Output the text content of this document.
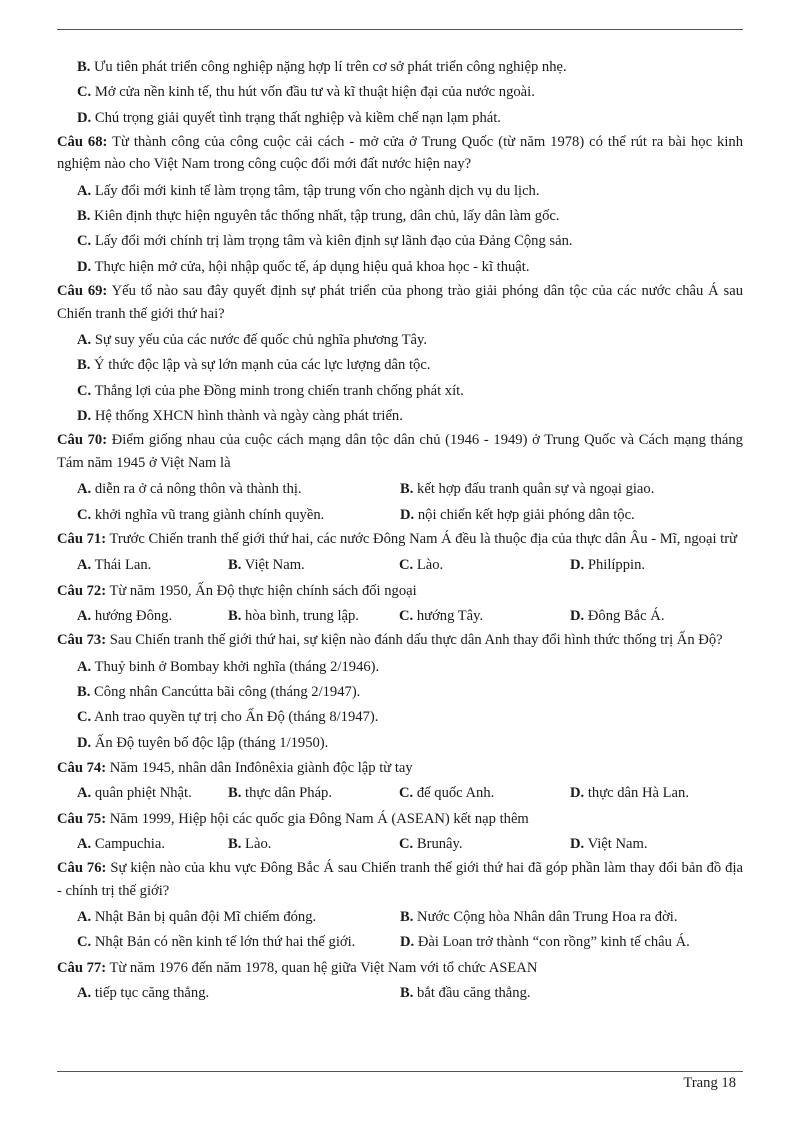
B. Ưu tiên phát triển công nghiệp nặng hợp lí trên cơ sở phát triển công nghiệp nhẹ.
C. Mở cửa nền kinh tế, thu hút vốn đầu tư và kĩ thuật hiện đại của nước ngoài.
D. Chú trọng giải quyết tình trạng thất nghiệp và kiềm chế nạn lạm phát.
Câu 68: Từ thành công của công cuộc cải cách - mở cửa ở Trung Quốc (từ năm 1978) có thể rút ra bài học kinh nghiệm nào cho Việt Nam trong công cuộc đổi mới đất nước hiện nay?
A. Lấy đổi mới kinh tế làm trọng tâm, tập trung vốn cho ngành dịch vụ du lịch.
B. Kiên định thực hiện nguyên tắc thống nhất, tập trung, dân chủ, lấy dân làm gốc.
C. Lấy đổi mới chính trị làm trọng tâm và kiên định sự lãnh đạo của Đảng Cộng sản.
D. Thực hiện mở cửa, hội nhập quốc tế, áp dụng hiệu quả khoa học - kĩ thuật.
Câu 69: Yếu tố nào sau đây quyết định sự phát triển của phong trào giải phóng dân tộc của các nước châu Á sau Chiến tranh thế giới thứ hai?
A. Sự suy yếu của các nước đế quốc chủ nghĩa phương Tây.
B. Ý thức độc lập và sự lớn mạnh của các lực lượng dân tộc.
C. Thắng lợi của phe Đồng minh trong chiến tranh chống phát xít.
D. Hệ thống XHCN hình thành và ngày càng phát triển.
Câu 70: Điểm giống nhau của cuộc cách mạng dân tộc dân chủ (1946 - 1949) ở Trung Quốc và Cách mạng tháng Tám năm 1945 ở Việt Nam là
A. diễn ra ở cả nông thôn và thành thị.	B. kết hợp đấu tranh quân sự và ngoại giao.
C. khởi nghĩa vũ trang giành chính quyền.	D. nội chiến kết hợp giải phóng dân tộc.
Câu 71: Trước Chiến tranh thế giới thứ hai, các nước Đông Nam Á đều là thuộc địa của thực dân Âu - Mĩ, ngoại trừ
A. Thái Lan.	B. Việt Nam.	C. Lào.	D. Philíppin.
Câu 72: Từ năm 1950, Ấn Độ thực hiện chính sách đối ngoại
A. hướng Đông.	B. hòa bình, trung lập.	C. hướng Tây.	D. Đông Bắc Á.
Câu 73: Sau Chiến tranh thế giới thứ hai, sự kiện nào đánh dấu thực dân Anh thay đổi hình thức thống trị Ấn Độ?
A. Thuỷ binh ở Bombay khởi nghĩa (tháng 2/1946).
B. Công nhân Cancútta bãi công (tháng 2/1947).
C. Anh trao quyền tự trị cho Ấn Độ (tháng 8/1947).
D. Ấn Độ tuyên bố độc lập (tháng 1/1950).
Câu 74: Năm 1945, nhân dân Inđônêxia giành độc lập từ tay
A. quân phiệt Nhật.	B. thực dân Pháp.	C. đế quốc Anh.	D. thực dân Hà Lan.
Câu 75: Năm 1999, Hiệp hội các quốc gia Đông Nam Á (ASEAN) kết nạp thêm
A. Campuchia.	B. Lào.	C. Brunây.	D. Việt Nam.
Câu 76: Sự kiện nào của khu vực Đông Bắc Á sau Chiến tranh thế giới thứ hai đã góp phần làm thay đổi bản đồ địa - chính trị thế giới?
A. Nhật Bản bị quân đội Mĩ chiếm đóng.	B. Nước Cộng hòa Nhân dân Trung Hoa ra đời.
C. Nhật Bản có nền kinh tế lớn thứ hai thế giới.	D. Đài Loan trở thành “con rồng” kinh tế châu Á.
Câu 77: Từ năm 1976 đến năm 1978, quan hệ giữa Việt Nam với tổ chức ASEAN
A. tiếp tục căng thẳng.	B. bắt đầu căng thẳng.
Trang 18
